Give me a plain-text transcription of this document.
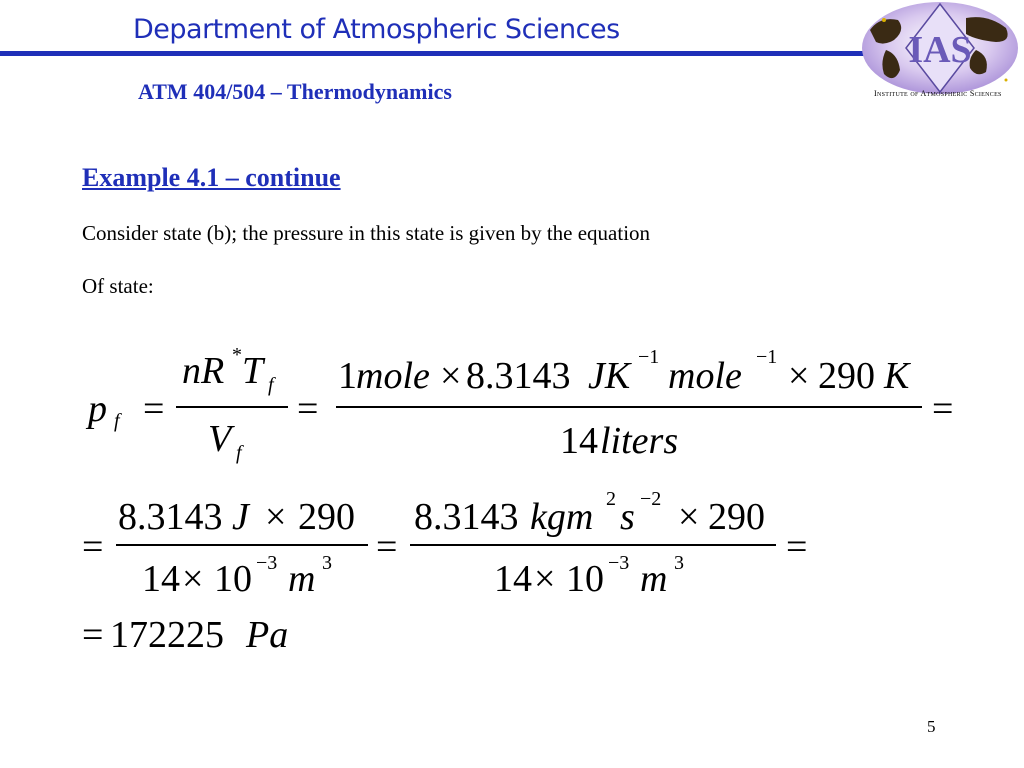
Department of Atmospheric Sciences
ATM 404/504 – Thermodynamics
IAS
Institute of Atmospheric Sciences
Example 4.1 – continue
Consider state (b); the pressure in this state is given by the equation
Of state:
p f =
nR * T f
V f
=
1 mole × 8.3143 JK −1 mole −1 × 290 K
14 liters
=
=
8.3143 J × 290
14 × 10 −3 m 3 =
8.3143 kgm 2 s −2 × 290
14 × 10 −3 m 3	=
= 172225 Pa
5
